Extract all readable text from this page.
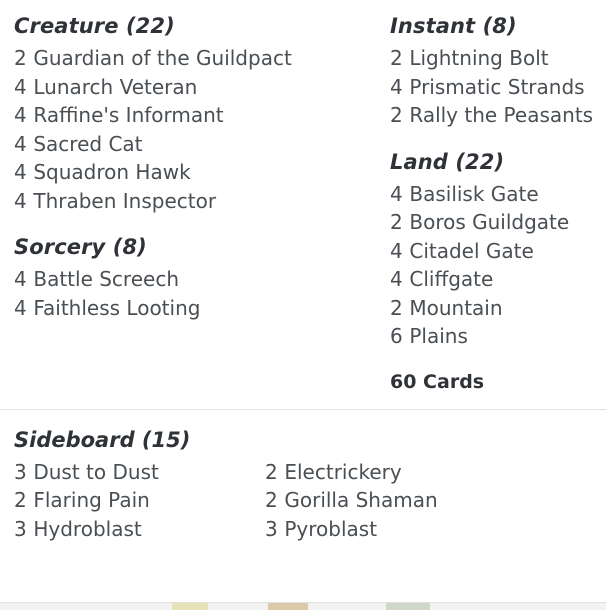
Creature (22)
2 Guardian of the Guildpact
4 Lunarch Veteran
4 Raffine's Informant
4 Sacred Cat
4 Squadron Hawk
4 Thraben Inspector
Sorcery (8)
4 Battle Screech
4 Faithless Looting
Instant (8)
2 Lightning Bolt
4 Prismatic Strands
2 Rally the Peasants
Land (22)
4 Basilisk Gate
2 Boros Guildgate
4 Citadel Gate
4 Cliffgate
2 Mountain
6 Plains
60 Cards
Sideboard (15)
3 Dust to Dust
2 Flaring Pain
3 Hydroblast
2 Electrickery
2 Gorilla Shaman
3 Pyroblast
